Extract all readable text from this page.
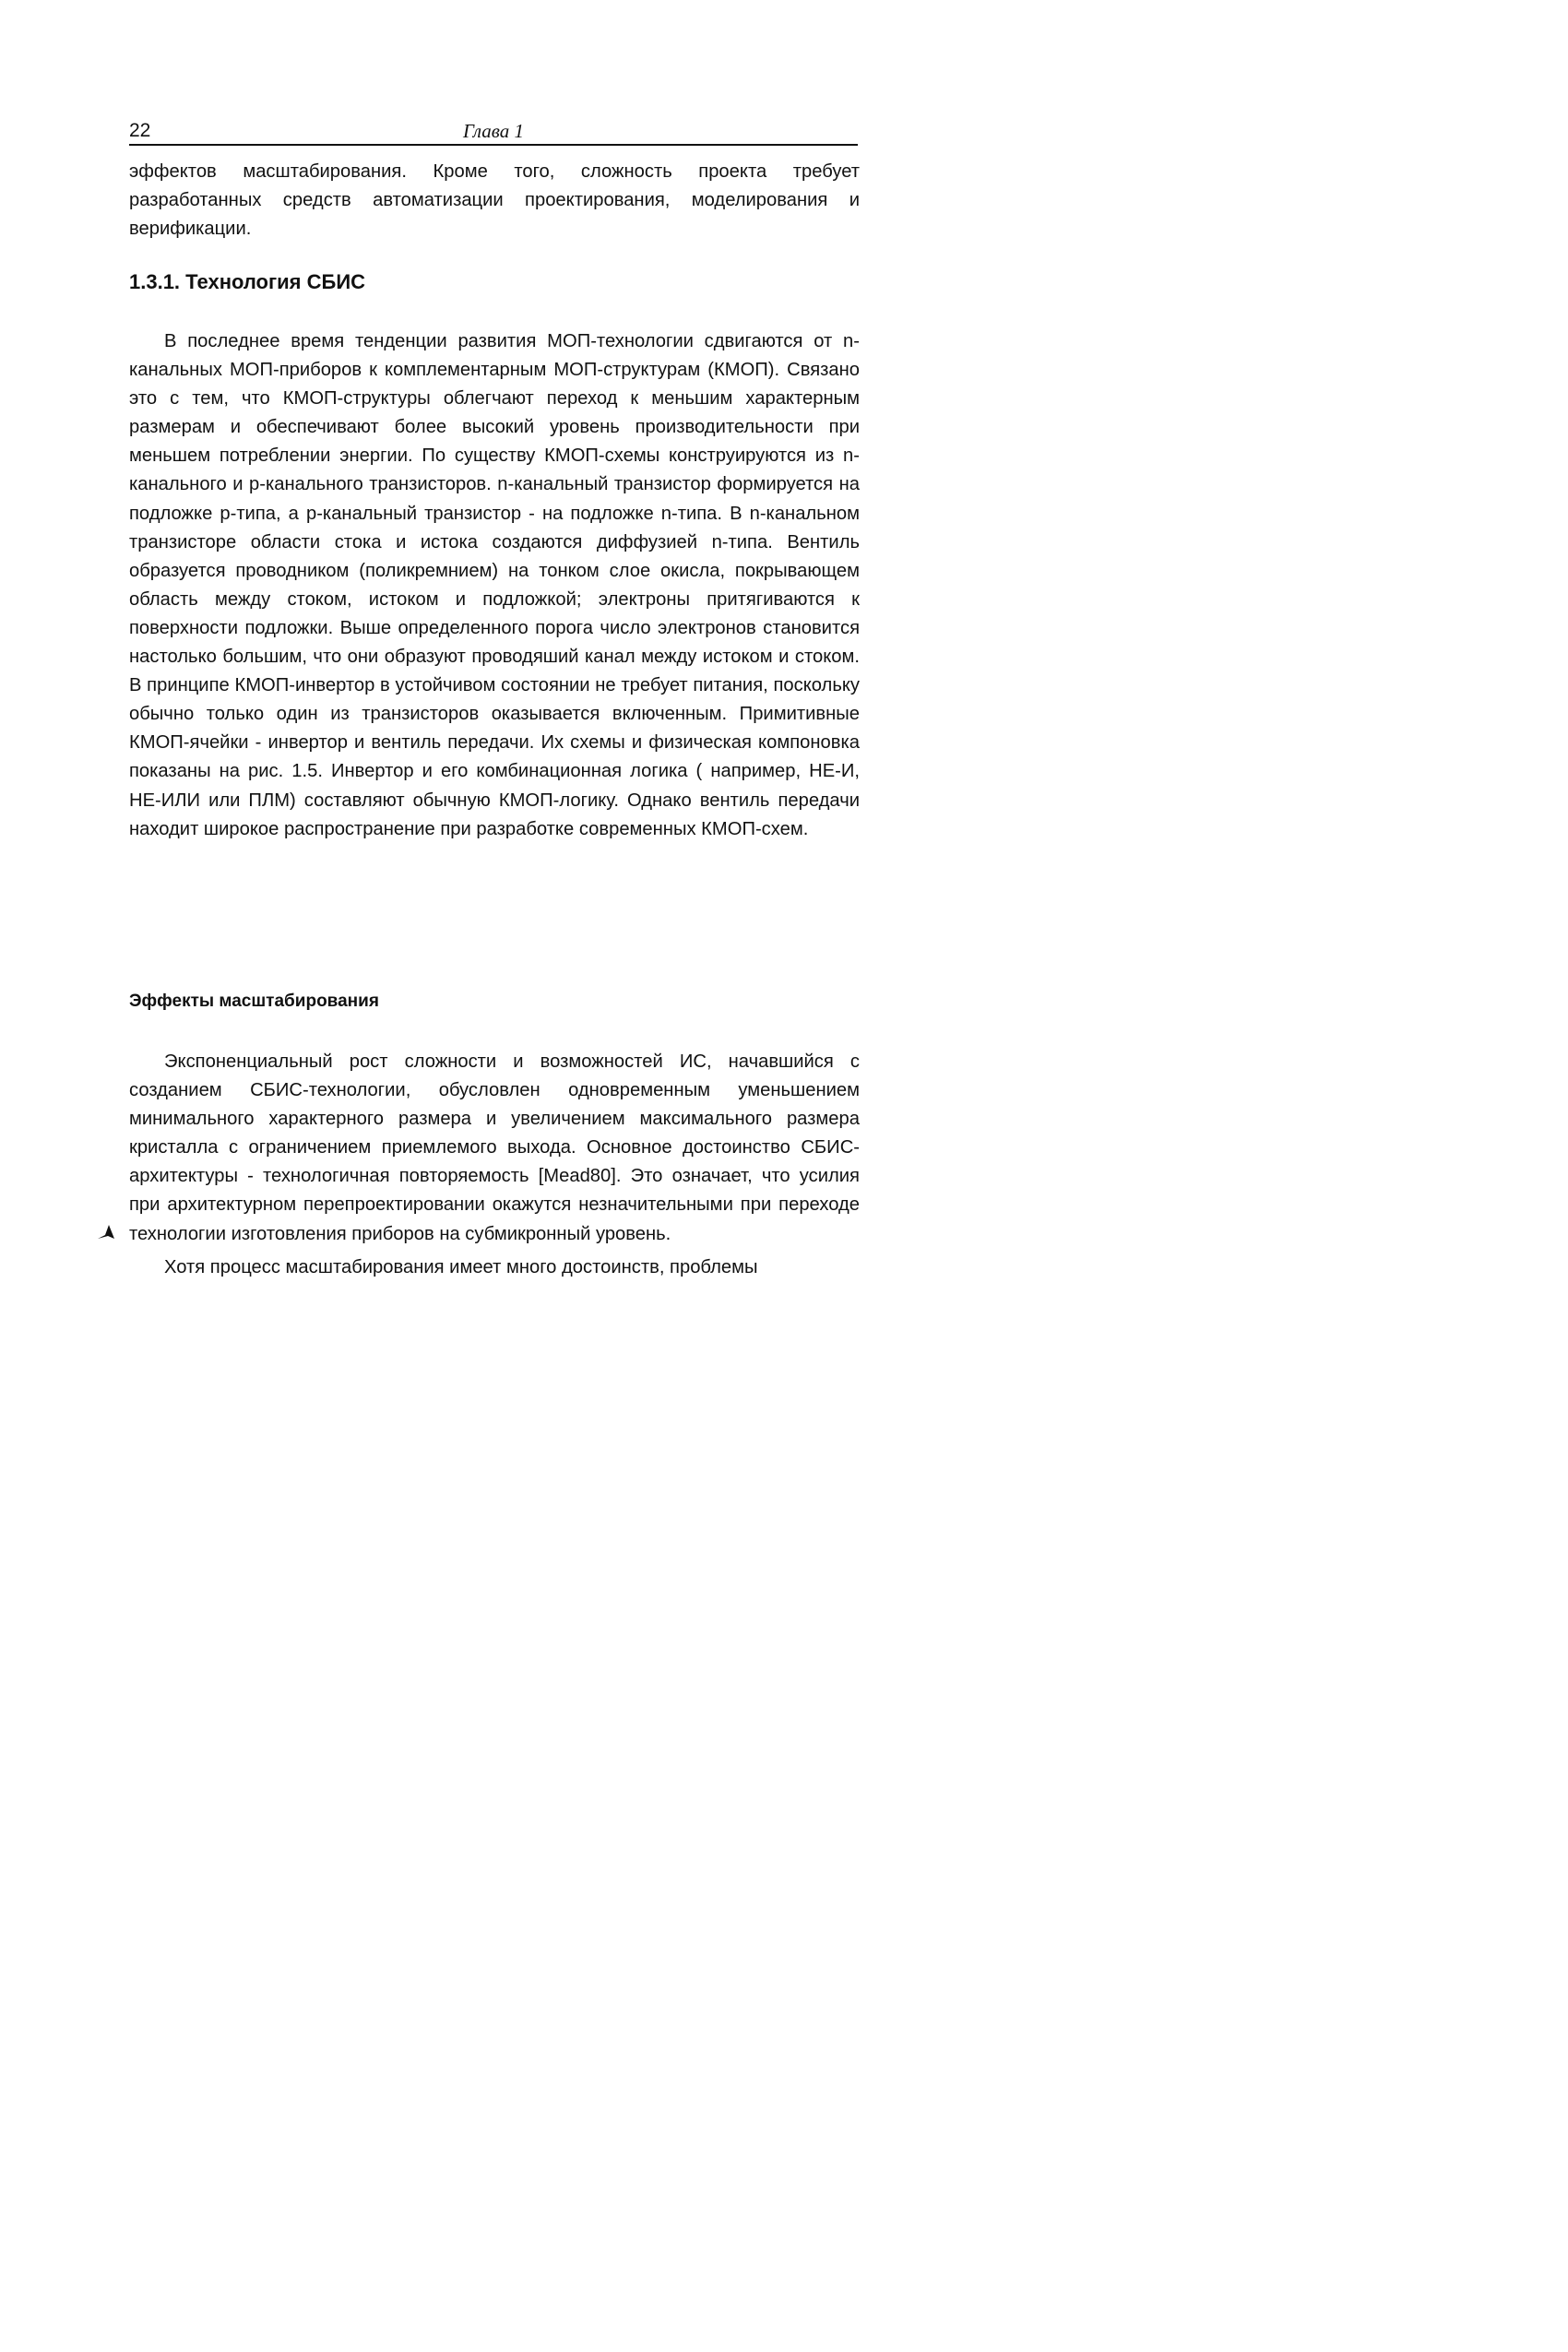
22	Глава 1

эффектов масштабирования. Кроме того, сложность проекта требует разработанных средств автоматизации проектирования, моделирования и верификации.

1.3.1. Технология СБИС

В последнее время тенденции развития МОП-технологии сдвигаются от n-канальных МОП-приборов к комплементарным МОП-структурам (КМОП). Связано это с тем, что КМОП-структуры облегчают переход к меньшим характерным размерам и обеспечивают более высокий уровень производительности при меньшем потреблении энергии. По существу КМОП-схемы конструируются из n-канального и p-канального транзисторов. n-канальный транзистор формируется на подложке p-типа, а p-канальный транзистор - на подложке n-типа. В n-канальном транзисторе области стока и истока создаются диффузией n-типа. Вентиль образуется проводником (поликремнием) на тонком слое окисла, покрывающем область между стоком, истоком и подложкой; электроны притягиваются к поверхности подложки. Выше определенного порога число электронов становится настолько большим, что они образуют проводяший канал между истоком и стоком. В принципе КМОП-инвертор в устойчивом состоянии не требует питания, поскольку обычно только один из транзисторов оказывается включенным. Примитивные КМОП-ячейки - инвертор и вентиль передачи. Их схемы и физическая компоновка показаны на рис. 1.5. Инвертор и его комбинационная логика ( например, НЕ-И, НЕ-ИЛИ или ПЛМ) составляют обычную КМОП-логику. Однако вентиль передачи находит широкое распространение при разработке современных КМОП-схем.

Эффекты масштабирования

Экспоненциальный рост сложности и возможностей ИС, начавшийся с созданием СБИС-технологии, обусловлен одновременным уменьшением минимального характерного размера и увеличением максимального размера кристалла с ограничением приемлемого выхода. Основное достоинство СБИС-архитектуры - технологичная повторяемость [Mead80]. Это означает, что усилия при архитектурном перепроектировании окажутся незначительными при переходе технологии изготовления приборов на субмикронный уровень.

Хотя процесс масштабирования имеет много достоинств, проблемы
